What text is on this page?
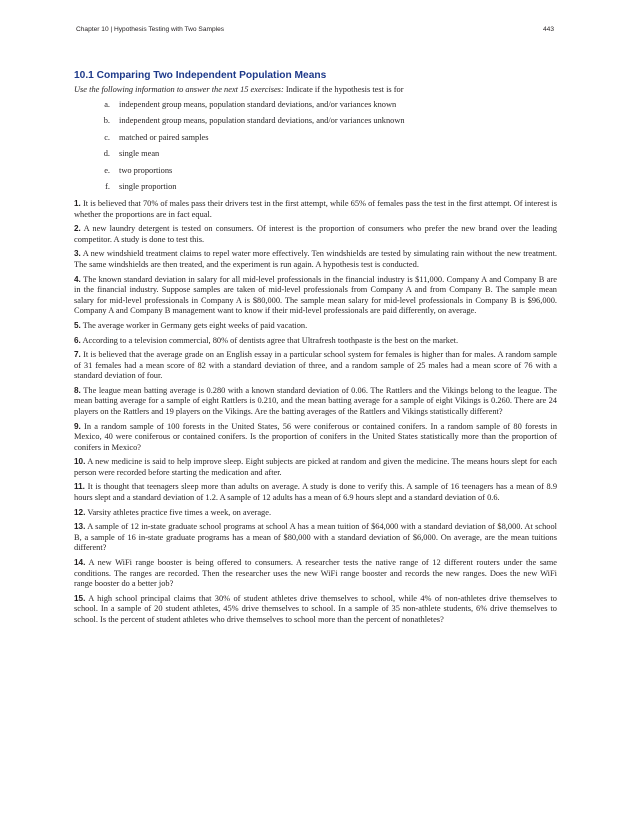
Chapter 10 | Hypothesis Testing with Two Samples	443
10.1 Comparing Two Independent Population Means

Use the following information to answer the next 15 exercises: Indicate if the hypothesis test is for

a. independent group means, population standard deviations, and/or variances known
b. independent group means, population standard deviations, and/or variances unknown
c. matched or paired samples
d. single mean
e. two proportions
f. single proportion

1. It is believed that 70% of males pass their drivers test in the first attempt, while 65% of females pass the test in the first attempt. Of interest is whether the proportions are in fact equal.

2. A new laundry detergent is tested on consumers. Of interest is the proportion of consumers who prefer the new brand over the leading competitor. A study is done to test this.

3. A new windshield treatment claims to repel water more effectively. Ten windshields are tested by simulating rain without the new treatment. The same windshields are then treated, and the experiment is run again. A hypothesis test is conducted.

4. The known standard deviation in salary for all mid-level professionals in the financial industry is $11,000. Company A and Company B are in the financial industry. Suppose samples are taken of mid-level professionals from Company A and from Company B. The sample mean salary for mid-level professionals in Company A is $80,000. The sample mean salary for mid-level professionals in Company B is $96,000. Company A and Company B management want to know if their mid-level professionals are paid differently, on average.

5. The average worker in Germany gets eight weeks of paid vacation.

6. According to a television commercial, 80% of dentists agree that Ultrafresh toothpaste is the best on the market.

7. It is believed that the average grade on an English essay in a particular school system for females is higher than for males. A random sample of 31 females had a mean score of 82 with a standard deviation of three, and a random sample of 25 males had a mean score of 76 with a standard deviation of four.

8. The league mean batting average is 0.280 with a known standard deviation of 0.06. The Rattlers and the Vikings belong to the league. The mean batting average for a sample of eight Rattlers is 0.210, and the mean batting average for a sample of eight Vikings is 0.260. There are 24 players on the Rattlers and 19 players on the Vikings. Are the batting averages of the Rattlers and Vikings statistically different?

9. In a random sample of 100 forests in the United States, 56 were coniferous or contained conifers. In a random sample of 80 forests in Mexico, 40 were coniferous or contained conifers. Is the proportion of conifers in the United States statistically more than the proportion of conifers in Mexico?

10. A new medicine is said to help improve sleep. Eight subjects are picked at random and given the medicine. The means hours slept for each person were recorded before starting the medication and after.

11. It is thought that teenagers sleep more than adults on average. A study is done to verify this. A sample of 16 teenagers has a mean of 8.9 hours slept and a standard deviation of 1.2. A sample of 12 adults has a mean of 6.9 hours slept and a standard deviation of 0.6.

12. Varsity athletes practice five times a week, on average.

13. A sample of 12 in-state graduate school programs at school A has a mean tuition of $64,000 with a standard deviation of $8,000. At school B, a sample of 16 in-state graduate programs has a mean of $80,000 with a standard deviation of $6,000. On average, are the mean tuitions different?

14. A new WiFi range booster is being offered to consumers. A researcher tests the native range of 12 different routers under the same conditions. The ranges are recorded. Then the researcher uses the new WiFi range booster and records the new ranges. Does the new WiFi range booster do a better job?

15. A high school principal claims that 30% of student athletes drive themselves to school, while 4% of non-athletes drive themselves to school. In a sample of 20 student athletes, 45% drive themselves to school. In a sample of 35 non-athlete students, 6% drive themselves to school. Is the percent of student athletes who drive themselves to school more than the percent of nonathletes?
